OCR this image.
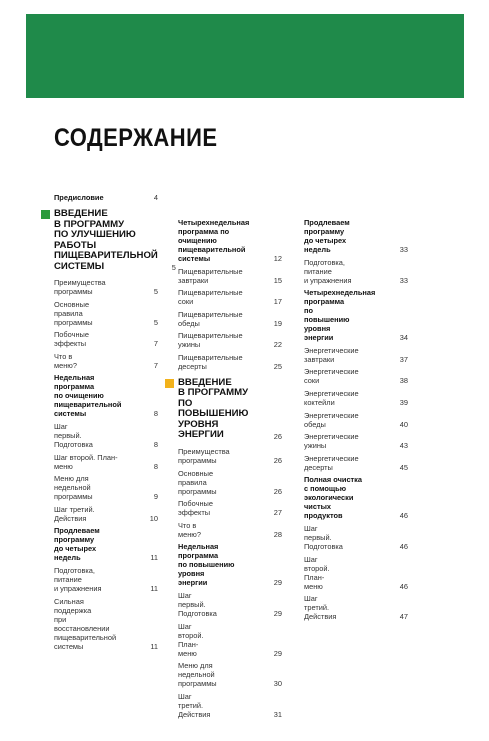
СОДЕРЖАНИЕ
Предисловие	4
ВВЕДЕНИЕ
В ПРОГРАММУ
ПО УЛУЧШЕНИЮ
РАБОТЫ
ПИЩЕВАРИТЕЛЬНОЙ
СИСТЕМЫ	5
Преимущества
программы	5
Основные правила
программы	5
Побочные эффекты	7
Что в меню?	7
Недельная программа
по очищению
пищеварительной
системы	8
Шаг первый.
Подготовка	8
Шаг второй. План-меню	8
Меню для недельной
программы	9
Шаг третий. Действия	10
Продлеваем программу
до четырех недель	11
Подготовка, питание
и упражнения	11
Сильная поддержка
при восстановлении
пищеварительной
системы	11
Четырехнедельная
программа по очищению
пищеварительной
системы	12
Пищеварительные
завтраки	15
Пищеварительные
соки	17
Пищеварительные
обеды	19
Пищеварительные
ужины	22
Пищеварительные
десерты	25
ВВЕДЕНИЕ
В ПРОГРАММУ
ПО ПОВЫШЕНИЮ
УРОВНЯ ЭНЕРГИИ	26
Преимущества
программы	26
Основные правила
программы	26
Побочные эффекты	27
Что в меню?	28
Недельная программа
по повышению уровня
энергии	29
Шаг первый.
Подготовка	29
Шаг второй.
План-меню	29
Меню для недельной
программы	30
Шаг третий.
Действия	31
Продлеваем программу
до четырех недель	33
Подготовка, питание
и упражнения	33
Четырехнедельная
программа
по повышению
уровня энергии	34
Энергетические
завтраки	37
Энергетические
соки	38
Энергетические
коктейли	39
Энергетические
обеды	40
Энергетические
ужины	43
Энергетические
десерты	45
Полная очистка
с помощью
экологически чистых
продуктов	46
Шаг первый.
Подготовка	46
Шаг второй.
План-меню	46
Шаг третий.
Действия	47
